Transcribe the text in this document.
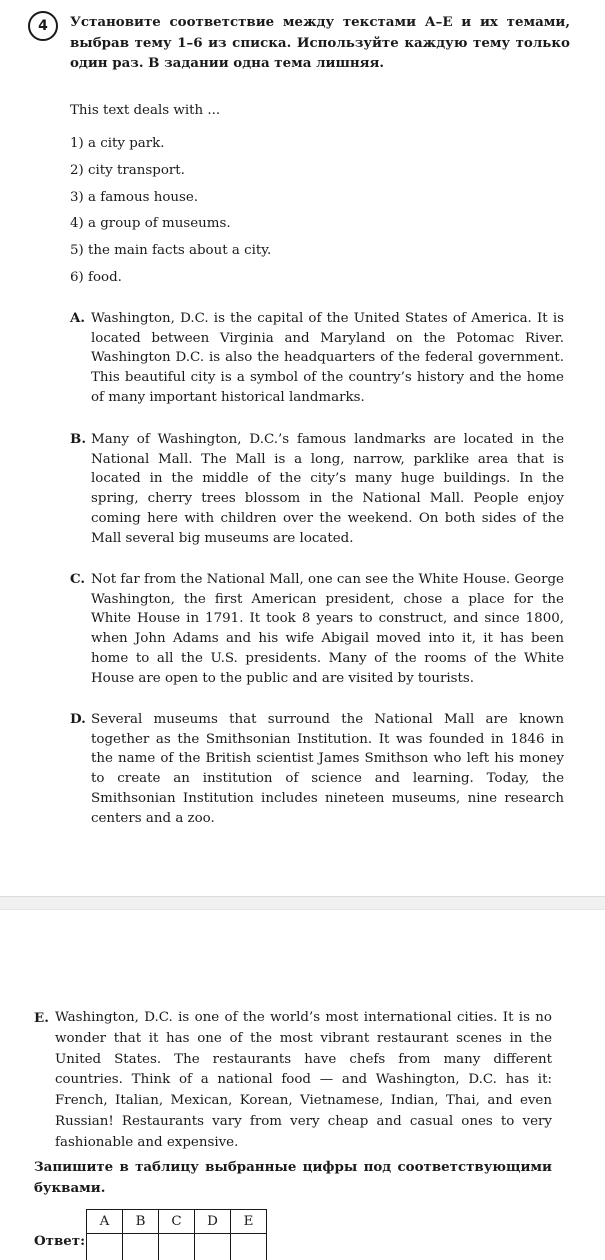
4	Установите соответствие между текстами А–Е и их темами, выбрав тему 1–6 из списка. Используйте каждую тему только один раз. В задании одна тема лишняя.
This text deals with ...
1) a city park.
2) city transport.
3) a famous house.
4) a group of museums.
5) the main facts about a city.
6) food.
A. Washington, D.C. is the capital of the United States of America. It is located between Virginia and Maryland on the Potomac River. Washington D.C. is also the headquarters of the federal government. This beautiful city is a symbol of the country’s history and the home of many important historical landmarks.
B. Many of Washington, D.C.’s famous landmarks are located in the National Mall. The Mall is a long, narrow, parklike area that is located in the middle of the city’s many huge buildings. In the spring, cherry trees blossom in the National Mall. People enjoy coming here with children over the weekend. On both sides of the Mall several big museums are located.
C. Not far from the National Mall, one can see the White House. George Washington, the first American president, chose a place for the White House in 1791. It took 8 years to construct, and since 1800, when John Adams and his wife Abigail moved into it, it has been home to all the U.S. presidents. Many of the rooms of the White House are open to the public and are visited by tourists.
D. Several museums that surround the National Mall are known together as the Smithsonian Institution. It was founded in 1846 in the name of the British scientist James Smithson who left his money to create an institution of science and learning. Today, the Smithsonian Institution includes nineteen museums, nine research centers and a zoo.
E. Washington, D.C. is one of the world’s most international cities. It is no wonder that it has one of the most vibrant restaurant scenes in the United States. The restaurants have chefs from many different countries. Think of a national food — and Washington, D.C. has it: French, Italian, Mexican, Korean, Vietnamese, Indian, Thai, and even Russian! Restaurants vary from very cheap and casual ones to very fashionable and expensive.
Запишите в таблицу выбранные цифры под соответствующими буквами.
Ответ:
A	B	C	D	E
